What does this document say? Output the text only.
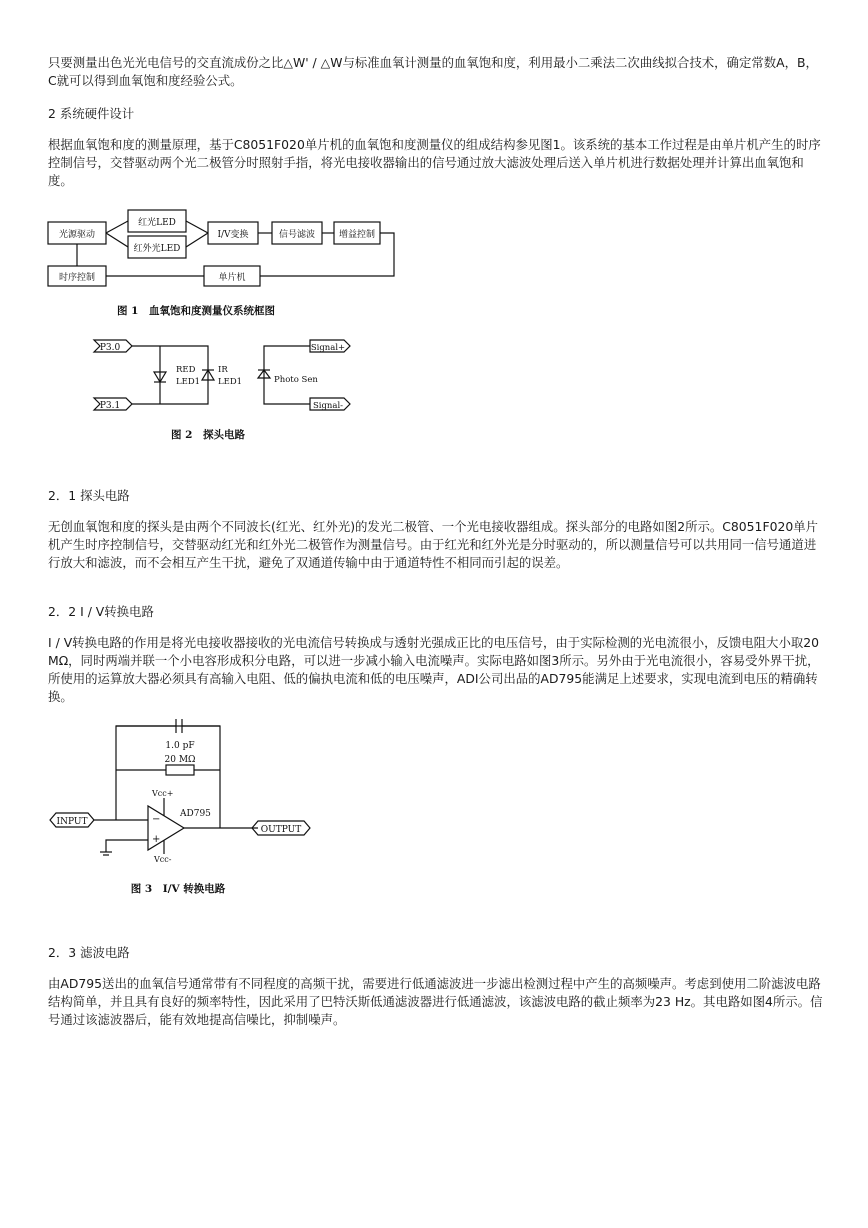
只要测量出色光光电信号的交直流成份之比△W' / △W与标准血氧计测量的血氧饱和度，利用最小二乘法二次曲线拟合技术，确定常数A，B，C就可以得到血氧饱和度经验公式。

2 系统硬件设计

根据血氧饱和度的测量原理，基于C8051F020单片机的血氧饱和度测量仪的组成结构参见图1。该系统的基本工作过程是由单片机产生的时序控制信号，交替驱动两个光二极管分时照射手指，将光电接收器输出的信号通过放大滤波处理后送入单片机进行数据处理并计算出血氧饱和度。

光源驱动
红光LED
红外光LED
I/V变换	信号滤波	增益控制
时序控制	单片机
图 1　血氧饱和度测量仪系统框图
P3.0
P3.1
RED
LED1
IR
LED1
Signal+
Signal-
Photo Sen
图 2　探头电路

2．1 探头电路

无创血氧饱和度的探头是由两个不同波长(红光、红外光)的发光二极管、一个光电接收器组成。探头部分的电路如图2所示。C8051F020单片机产生时序控制信号，交替驱动红光和红外光二极管作为测量信号。由于红光和红外光是分时驱动的，所以测量信号可以共用同一信号通道进行放大和滤波，而不会相互产生干扰，避免了双通道传输中由于通道特性不相同而引起的误差。

2．2 I / V转换电路

I / V转换电路的作用是将光电接收器接收的光电流信号转换成与透射光强成正比的电压信号，由于实际检测的光电流很小，反馈电阻大小取20MΩ，同时两端并联一个小电容形成积分电路，可以进一步减小输入电流噪声。实际电路如图3所示。另外由于光电流很小，容易受外界干扰，所使用的运算放大器必须具有高输入电阻、低的偏执电流和低的电压噪声，ADI公司出品的AD795能满足上述要求，实现电流到电压的精确转换。

1.0 pF
20 MΩ
−
+
Vcc+
Vcc-
AD795
INPUT
OUTPUT
图 3　I/V 转换电路

2．3 滤波电路

由AD795送出的血氧信号通常带有不同程度的高频干扰，需要进行低通滤波进一步滤出检测过程中产生的高频噪声。考虑到使用二阶滤波电路结构简单，并且具有良好的频率特性，因此采用了巴特沃斯低通滤波器进行低通滤波，该滤波电路的截止频率为23 Hz。其电路如图4所示。信号通过该滤波器后，能有效地提高信噪比，抑制噪声。
